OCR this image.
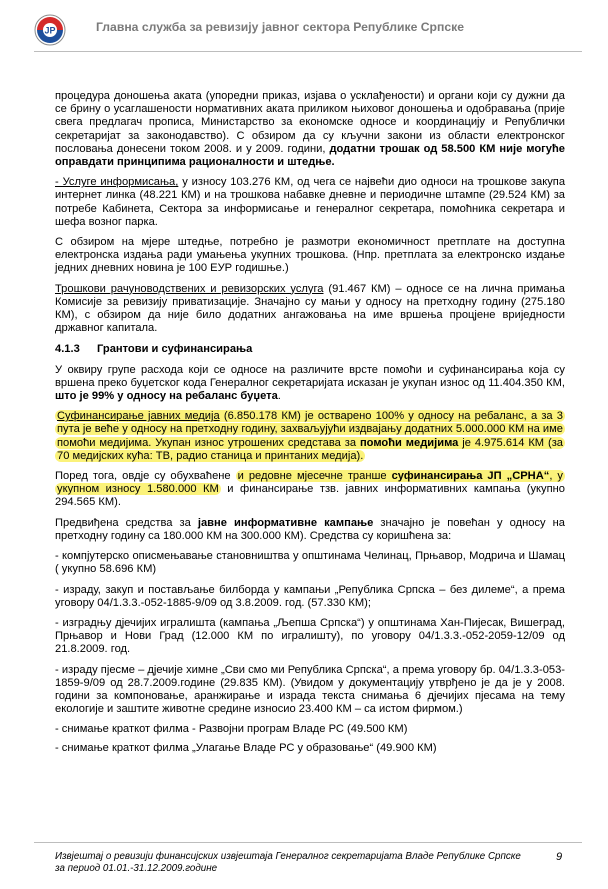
ЈР	Главна служба за ревизију јавног сектора Републике Српске

процедура доношења аката (упоредни приказ, изјава о усклађености) и органи који су дужни да се брину о усаглашености нормативних аката приликом њиховог доношења и одобравања (прије свега предлагач прописа, Министарство за економске односе и координацију и Републички секретаријат за законодавство). С обзиром да су кључни закони из области електронског пословања донесени током 2008. и у 2009. години, додатни трошак од 58.500 КМ није могуће оправдати принципима рационалности и штедње.

- Услуге информисања, у износу 103.276 КМ, од чега се највећи дио односи на трошкове закупа интернет линка (48.221 КМ) и на трошкова набавке дневне и периодичне штампе (29.524 КМ) за потребе Кабинета, Сектора за информисање и генералног секретара, помоћника секретара и шефа возног парка.

С обзиром на мјере штедње, потребно је размотри економичност претплате на доступна електронска издања ради умањења укупних трошкова. (Нпр. претплата за електронско издање једних дневних новина је 100 ЕУР годишње.)

Трошкови рачуноводствених и ревизорских услуга (91.467 КМ) – односе се на лична примања Комисије за ревизију приватизације. Значајно су мањи у односу на претходну годину (275.180 КМ), с обзиром да није било додатних ангажовања на име вршења процјене вриједности државног капитала.

4.1.3 Грантови и суфинансирања

У оквиру групе расхода који се односе на различите врсте помоћи и суфинансирања која су вршена преко буџетског кода Генералног секретаријата исказан је укупан износ од 11.404.350 КМ, што је 99% у односу на ребаланс буџета.

Суфинансирање јавних медија (6.850.178 КМ) је остварено 100% у односу на ребаланс, а за 3 пута је веће у односу на претходну годину, захваљујући издвајању додатних 5.000.000 КМ на име помоћи медијима. Укупан износ утрошених средстава за помоћи медијима је 4.975.614 КМ (за 70 медијских кућа: ТВ, радио станица и принтаних медија).

Поред тога, овдје су обухваћене и редовне мјесечне транше суфинансирања ЈП „СРНА“, у укупном износу 1.580.000 КМ и финансирање тзв. јавних информативних кампања (укупно 294.565 КМ).

Предвиђена средства за јавне информативне кампање значајно је повећан у односу на претходну годину са 180.000 КМ на 300.000 КМ). Средства су коришћена за:

- компјутерско описмењавање становништва у општинама Челинац, Прњавор, Модрича и Шамац ( укупно 58.696 КМ)

- израду, закуп и постављање билборда у кампањи „Република Српска – без дилеме“, а према уговору 04/1.3.3.-052-1885-9/09 од 3.8.2009. год. (57.330 КМ);

- изградњу дјечијих игралишта (кампања „Љепша Српска“) у општинама Хан-Пијесак, Вишеград, Прњавор и Нови Град (12.000 КМ по игралишту), по уговору 04/1.3.3.-052-2059-12/09 од 21.8.2009. год.

- израду пјесме – дјечије химне „Сви смо ми Република Српска“, а према уговору бр. 04/1.3.3-053-1859-9/09 од 28.7.2009.године (29.835 КМ). (Увидом у документацију утврђено је да је у 2008. години за компоновање, аранжирање и израда текста снимања 6 дјечијих пјесама на тему екологије и заштите животне средине износио 23.400 КМ – са истом фирмом.)

- снимање краткот филма - Развојни програм Владе РС (49.500 КМ)

- снимање краткот филма „Улагање Владе РС у образовање“ (49.900 КМ)

Извјештај о ревизији финансијских извјештаја Генералног секретаријата Владе Републике Српске за период 01.01.-31.12.2009.године
9
